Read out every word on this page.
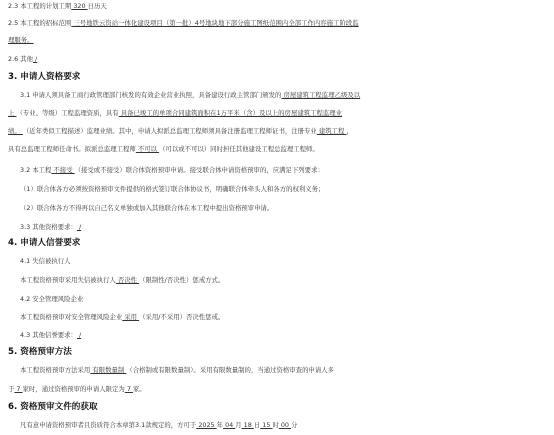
2.3 本工程的计划工期 320 日历天
2.5 本工程的招标范围 三号地铁云资站一体化建设项目（第一批）4号地块地下部分施工图纸范围内全部工作内容施工阶段监
理服务。
2.6 其他 /
3. 申请人资格要求
3.1 申请人须具备工商行政管理部门核发的有效企业营业执照，具备建设行政主管部门颁发的 房屋建筑工程监理乙级及以
上 （专业、等级）工程监理资质，具有 具备已竣工的单项合同建筑面积在1万平米（含）及以上的房屋建筑工程监理业
绩。 （近年类似工程描述）监理业绩。其中，申请人拟派总监理工程师须具备注册监理工程师证书，注册专业 建筑工程 ，
具有总监理工程师任命书。拟派总监理工程师 不可以 （可以或不可以）同时担任其他建设工程总监理工程师。
3.2 本工程 不接受 （接受或不接受）联合体资格预审申请。接受联合体申请资格预审的，应满足下列要求：
（1）联合体各方必须按资格预审文件提供的格式签订联合体协议书，明确联合体牵头人和各方的权利义务；
（2）联合体各方不得再以自己名义单独或加入其他联合体在本工程中提出资格预审申请。
3.3 其他资格要求： /
4. 申请人信誉要求
4.1 失信被执行人
本工程资格预审采用失信被执行人 否决性 （限制性/否决性）惩戒方式。
4.2 安全管理风险企业
本工程资格预审对安全管理风险企业 采用 （采用/不采用）否决性惩戒。
4.3 其他信誉要求： /
5. 资格预审方法
本工程资格预审方法采用 有限数量制 （合格制或有限数量制）。采用有限数量制的，当通过资格审查的申请人多
于 7 家时，通过资格预审的申请人限定为 7 家。
6. 资格预审文件的获取
凡有意申请资格预审者且资质符合本章第3.1款规定的，方可于 2025 年 04 月 18 日 15 时 00 分
